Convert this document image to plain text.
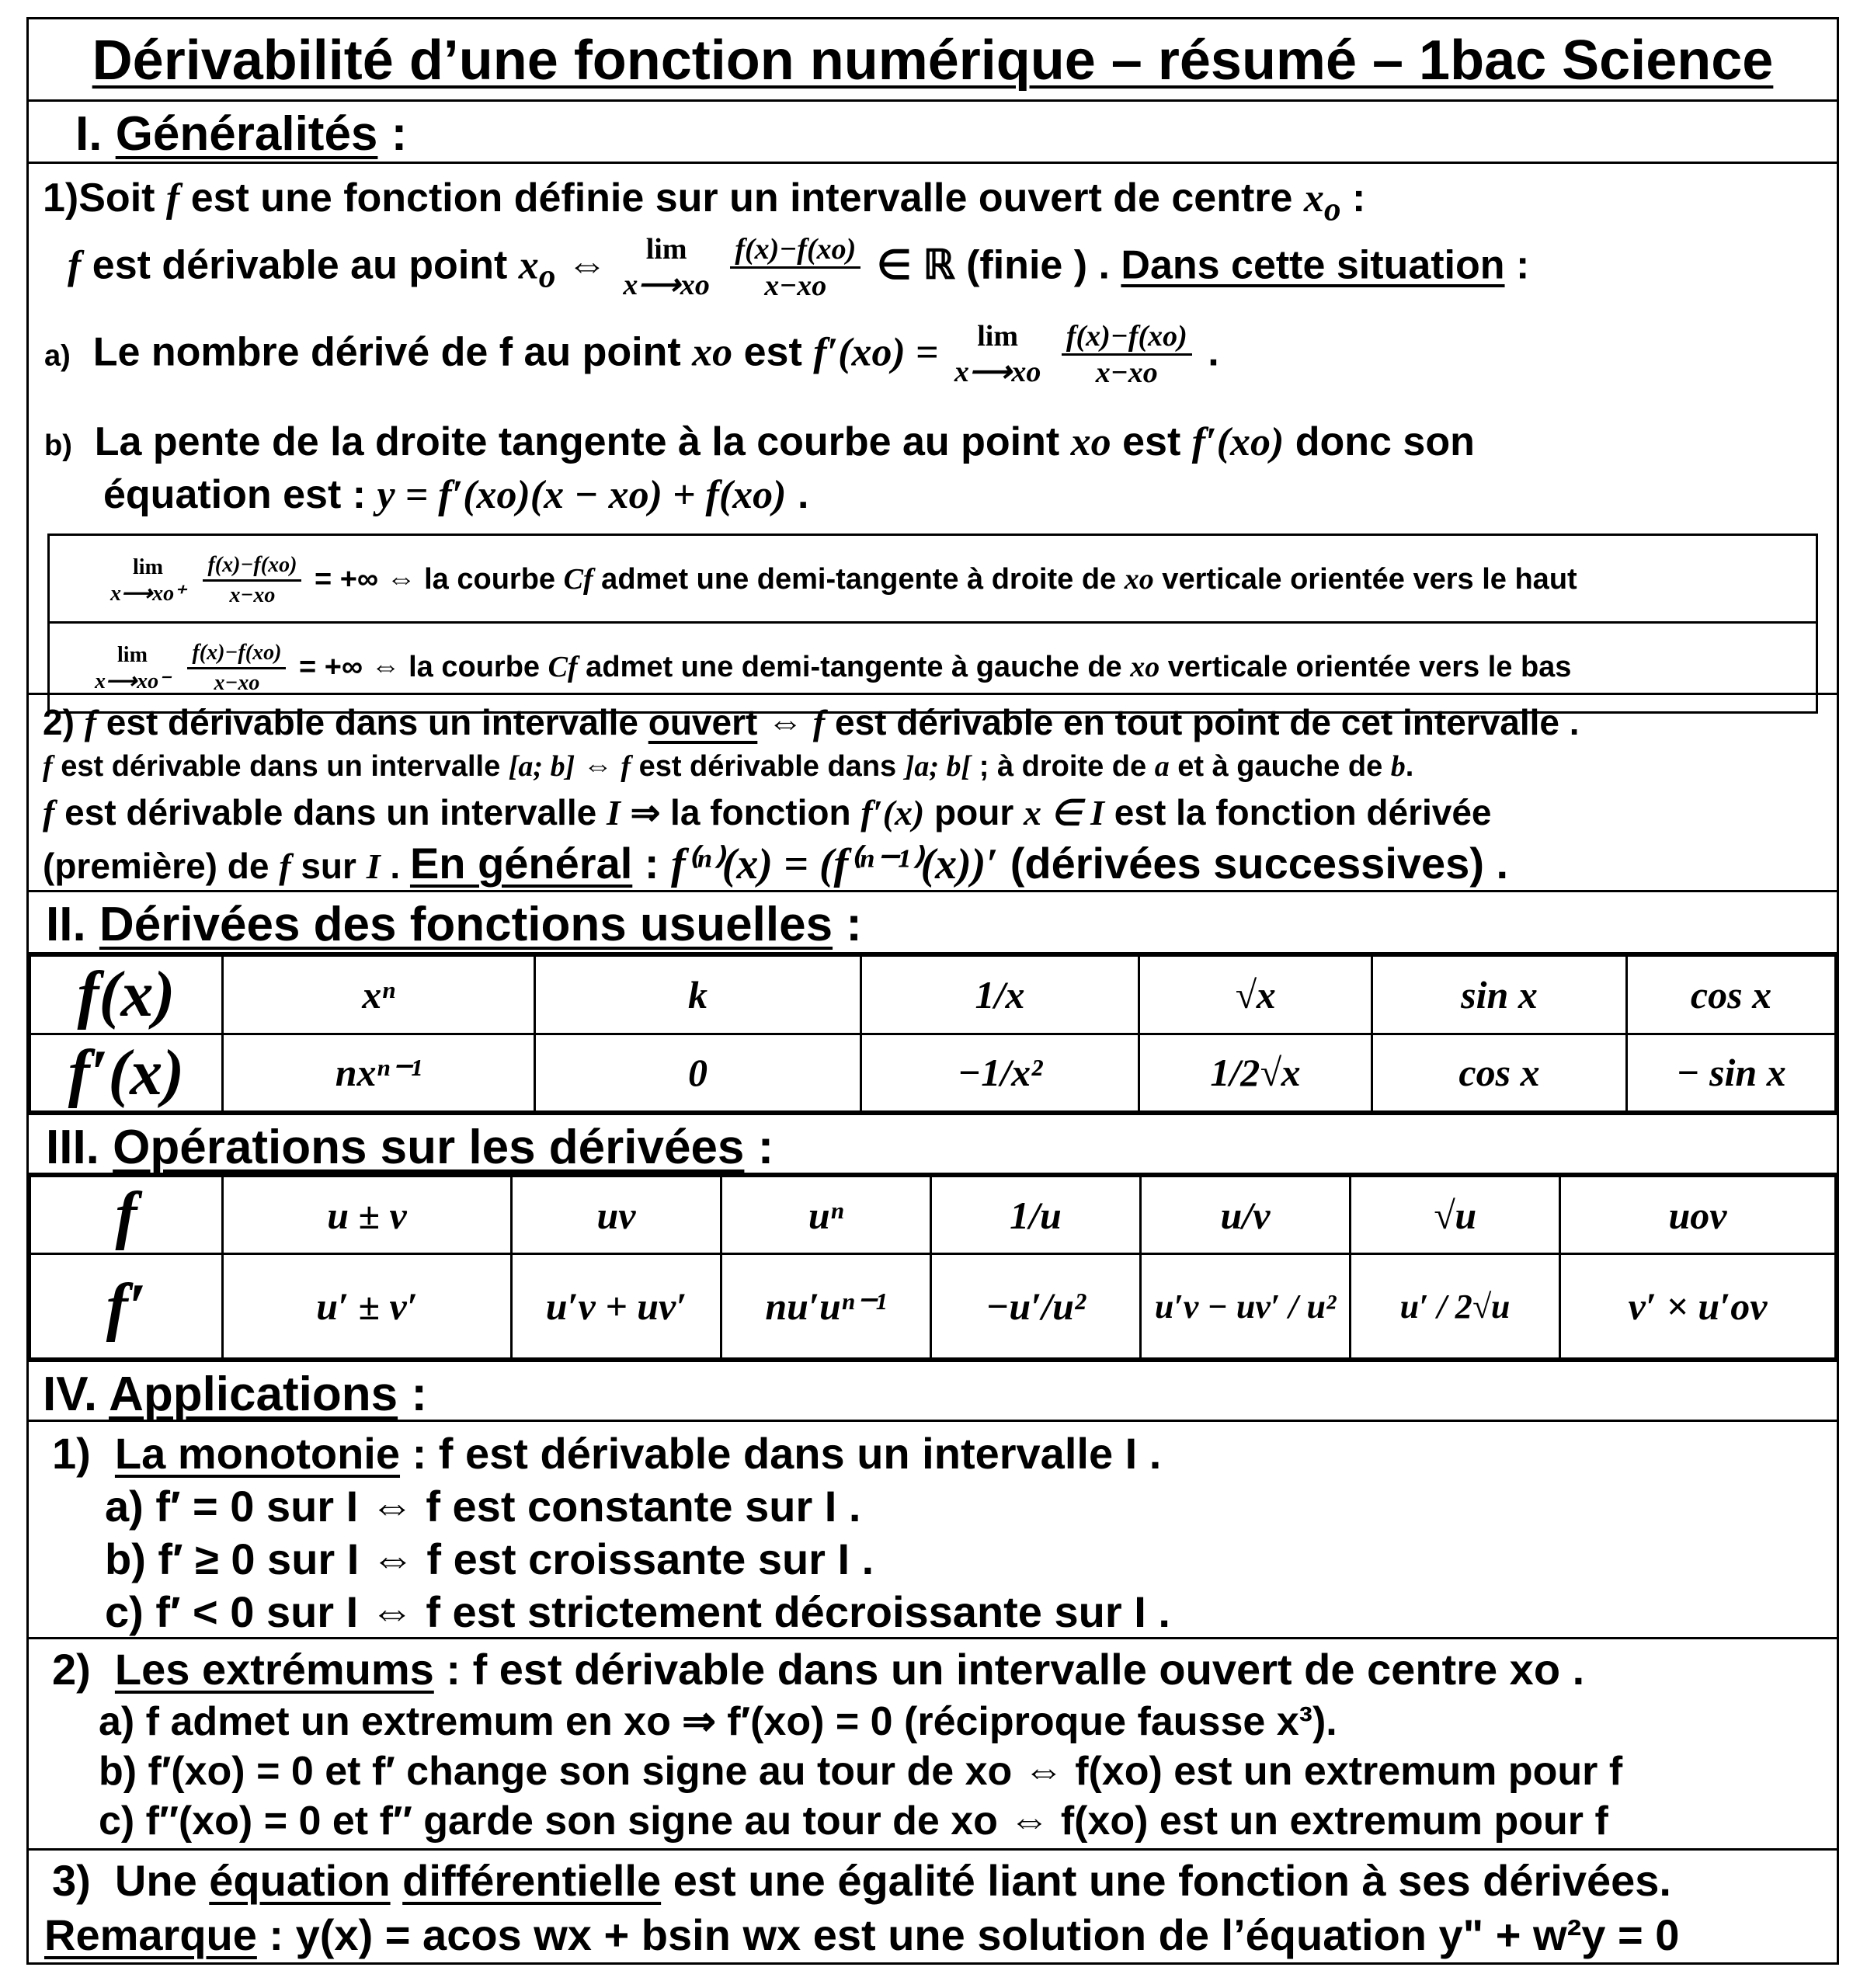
Dérivabilité d’une fonction numérique – résumé – 1bac Science
I. Généralités :
1)Soit f est une fonction définie sur un intervalle ouvert de centre $x_o$ :
f est dérivable au point $x_o$ ⇔ lim
x⟶xo
$\frac{f(x)-f(xo)}{x-xo}$ ∈ ℝ (finie ) . Dans cette situation :
a) Le nombre dérivé de f au point xo est f′(xo) =	lim
x⟶xo
$\frac{f(x)-f(xo)}{x-xo}$ .
b) La pente de la droite tangente à la courbe au point xo est f′(xo) donc son
équation est : y = f′(xo)(x − xo) + f(xo) .
lim
x⟶xo⁺
$\frac{f(x)-f(xo)}{x-xo}$ = +∞ ⇔ la courbe Cf admet une demi-tangente à droite de xo verticale orientée vers le haut
lim
x⟶xo⁻
$\frac{f(x)-f(xo)}{x-xo}$ = +∞ ⇔ la courbe Cf admet une demi-tangente à gauche de xo verticale orientée vers le bas
2) f est dérivable dans un intervalle ouvert ⇔ f est dérivable en tout point de cet intervalle .
f est dérivable dans un intervalle [a; b] ⇔ f est dérivable dans ]a; b[ ; à droite de a et à gauche de b.
f est dérivable dans un intervalle I ⇒ la fonction f′(x) pour x ∈ I est la fonction dérivée
(première) de f sur I . En général : f⁽ⁿ⁾(x) = (f⁽ⁿ⁻¹⁾(x))′ (dérivées successives) .
II. Dérivées des fonctions usuelles :
f(x)	xⁿ	k	1/x	√x	sin x	cos x
f′(x)	nxⁿ⁻¹	0	−1/x²	1/2√x	cos x	− sin x
III. Opérations sur les dérivées :
f	u ± v	uv	uⁿ	1/u	u/v	√u	uov
f′	u′ ± v′	u′v + uv′	nu′uⁿ⁻¹	−u′/u²	u′v − uv′ / u²	u′ / 2√u	v′ × u′ov
IV. Applications :
1) La monotonie : f est dérivable dans un intervalle I .
a) f′ = 0 sur I ⇔ f est constante sur I .
b) f′ ≥ 0 sur I ⇔ f est croissante sur I .
c) f′ < 0 sur I ⇔ f est strictement décroissante sur I .
2) Les extrémums : f est dérivable dans un intervalle ouvert de centre xo .
a) f admet un extremum en xo ⇒ f′(xo) = 0 (réciproque fausse x³).
b) f′(xo) = 0 et f′ change son signe au tour de xo ⇔ f(xo) est un extremum pour f
c) f′′(xo) = 0 et f′′ garde son signe au tour de xo ⇔ f(xo) est un extremum pour f
3) Une équation différentielle est une égalité liant une fonction à ses dérivées.
Remarque : y(x) = acos wx + bsin wx est une solution de l’équation y" + w²y = 0
